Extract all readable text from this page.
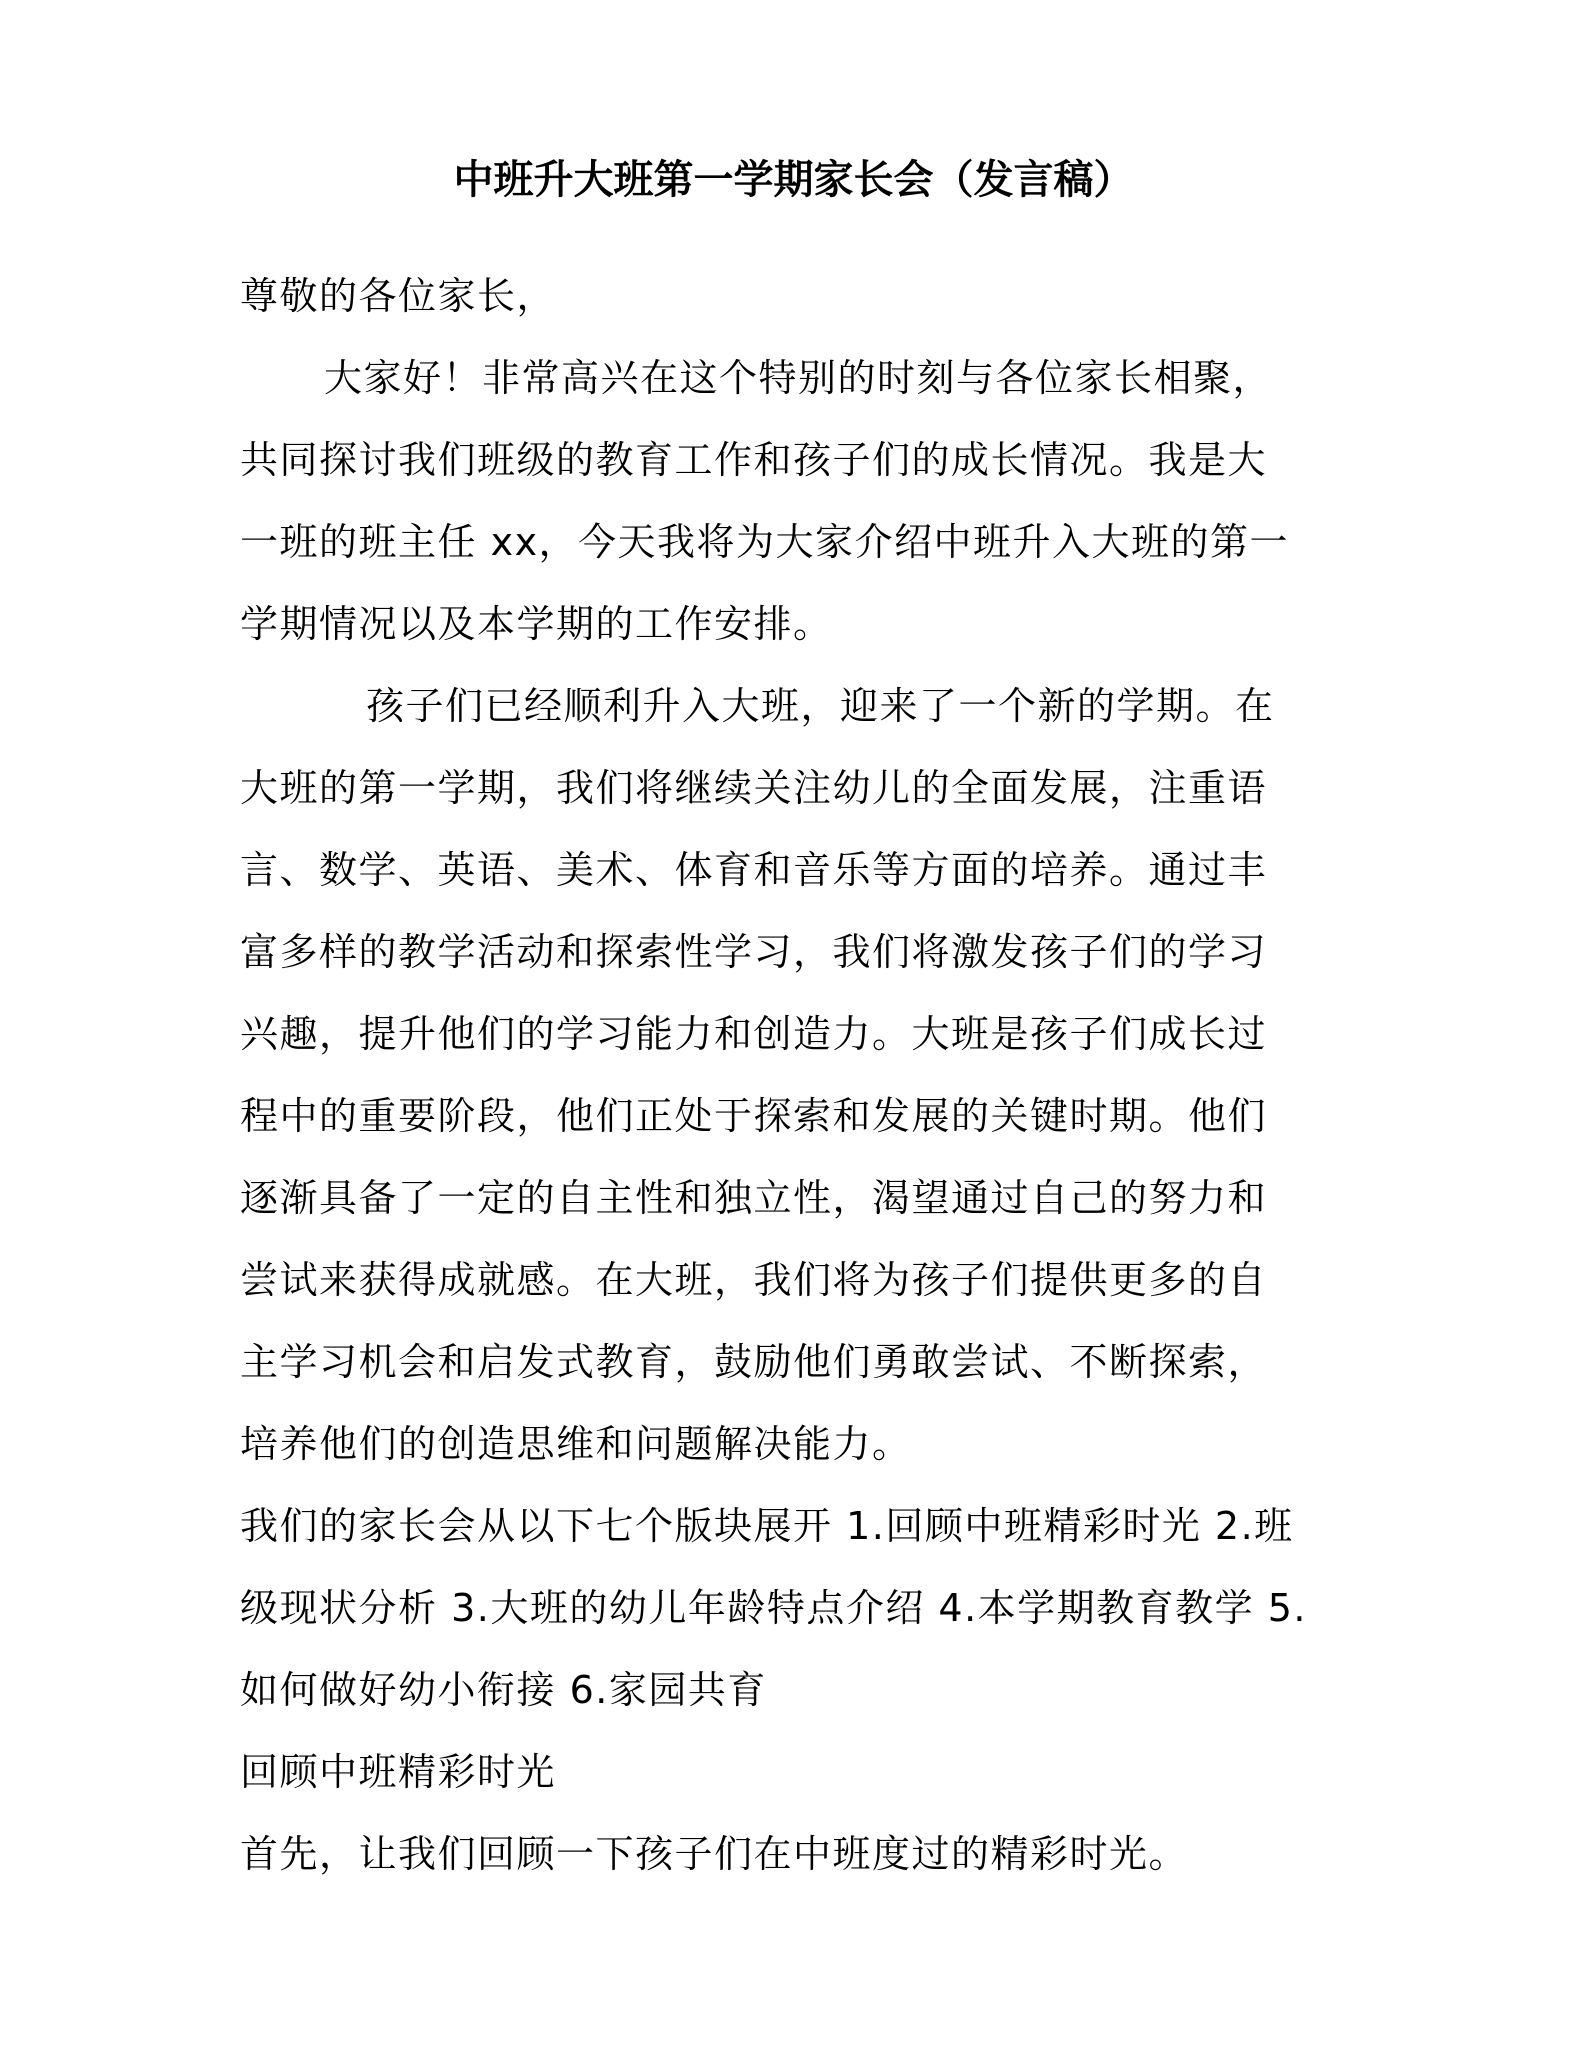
中班升大班第一学期家长会（发言稿）
尊敬的各位家长，
大家好！非常高兴在这个特别的时刻与各位家长相聚，
共同探讨我们班级的教育工作和孩子们的成长情况。我是大
一班的班主任 xx，今天我将为大家介绍中班升入大班的第一
学期情况以及本学期的工作安排。
孩子们已经顺利升入大班，迎来了一个新的学期。在
大班的第一学期，我们将继续关注幼儿的全面发展，注重语
言、数学、英语、美术、体育和音乐等方面的培养。通过丰
富多样的教学活动和探索性学习，我们将激发孩子们的学习
兴趣，提升他们的学习能力和创造力。大班是孩子们成长过
程中的重要阶段，他们正处于探索和发展的关键时期。他们
逐渐具备了一定的自主性和独立性，渴望通过自己的努力和
尝试来获得成就感。在大班，我们将为孩子们提供更多的自
主学习机会和启发式教育，鼓励他们勇敢尝试、不断探索，
培养他们的创造思维和问题解决能力。
我们的家长会从以下七个版块展开 1.回顾中班精彩时光 2.班
级现状分析 3.大班的幼儿年龄特点介绍 4.本学期教育教学 5.
如何做好幼小衔接 6.家园共育
回顾中班精彩时光
首先，让我们回顾一下孩子们在中班度过的精彩时光。
